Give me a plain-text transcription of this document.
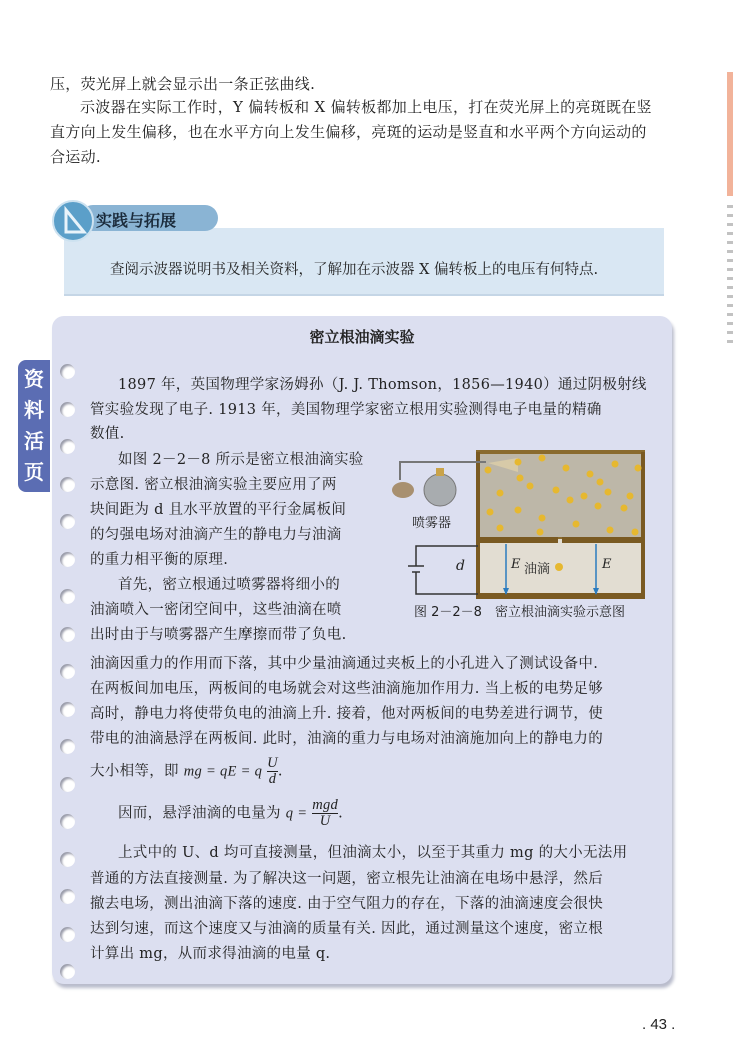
压，荧光屏上就会显示出一条正弦曲线.
示波器在实际工作时，Y 偏转板和 X 偏转板都加上电压，打在荧光屏上的亮斑既在竖
直方向上发生偏移，也在水平方向上发生偏移，亮斑的运动是竖直和水平两个方向运动的
合运动.
实践与拓展
查阅示波器说明书及相关资料，了解加在示波器 X 偏转板上的电压有何特点.
资料活页
密立根油滴实验
1897 年，英国物理学家汤姆孙（J. J. Thomson，1856—1940）通过阴极射线
管实验发现了电子. 1913 年，美国物理学家密立根用实验测得电子电量的精确
数值.
如图 2－2－8 所示是密立根油滴实验
示意图. 密立根油滴实验主要应用了两
块间距为 d 且水平放置的平行金属板间
的匀强电场对油滴产生的静电力与油滴
的重力相平衡的原理.
首先，密立根通过喷雾器将细小的
油滴喷入一密闭空间中，这些油滴在喷
出时由于与喷雾器产生摩擦而带了负电.
油滴因重力的作用而下落，其中少量油滴通过夹板上的小孔进入了测试设备中.
在两板间加电压，两板间的电场就会对这些油滴施加作用力. 当上板的电势足够
高时，静电力将使带负电的油滴上升. 接着，他对两板间的电势差进行调节，使
带电的油滴悬浮在两板间. 此时，油滴的重力与电场对油滴施加向上的静电力的
大小相等，即 mg = qE = q $\frac{U}{d}$ .
因而，悬浮油滴的电量为 $q = \frac{\text{mgd}}{U}$ .
上式中的 U、d 均可直接测量，但油滴太小，以至于其重力 mg 的大小无法用
普通的方法直接测量. 为了解决这一问题，密立根先让油滴在电场中悬浮，然后
撤去电场，测出油滴下落的速度. 由于空气阻力的存在，下落的油滴速度会很快
达到匀速，而这个速度又与油滴的质量有关. 因此，通过测量这个速度，密立根
计算出 mg，从而求得油滴的电量 q.
喷雾器
d	E	E
油滴
图 2－2－8　密立根油滴实验示意图
. 43 .
